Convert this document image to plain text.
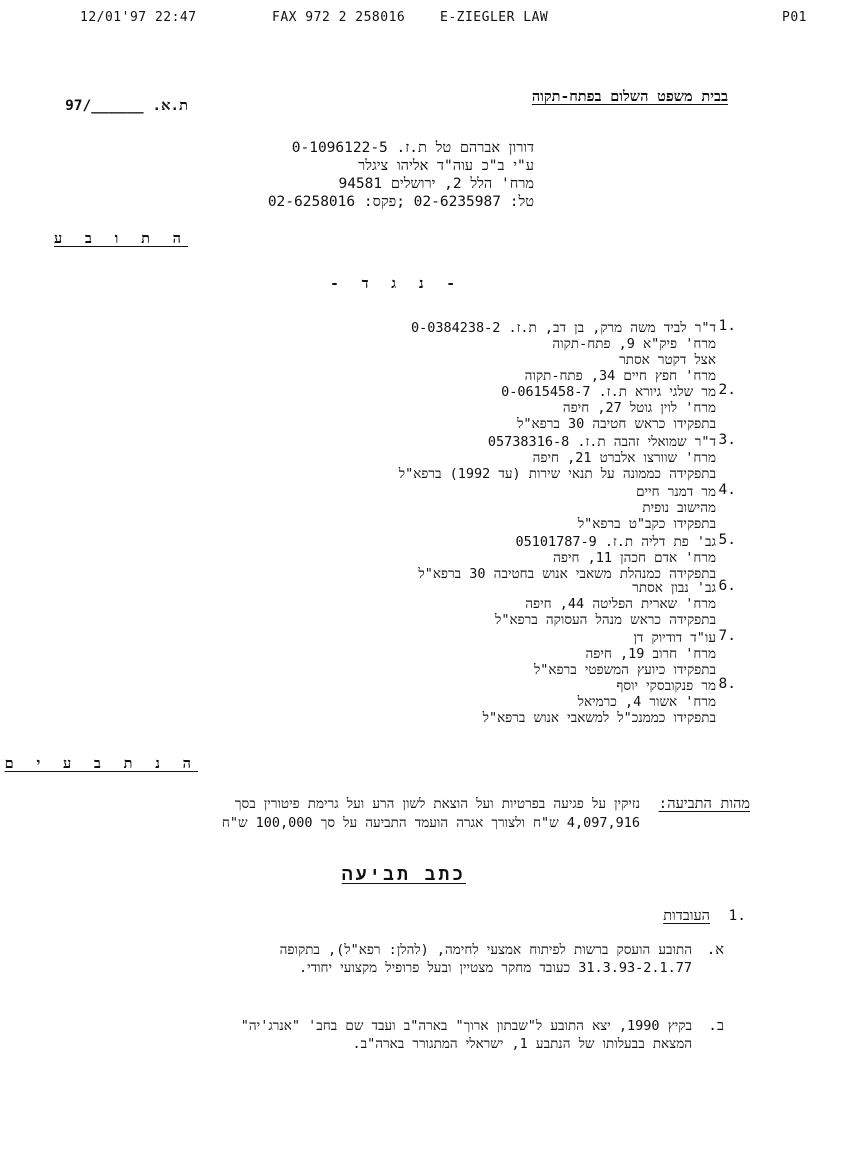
12/01'97 22:47	FAX 972 2 258016	E-ZIEGLER LAW	P01
בבית משפט השלום בפתח-תקוה
ת.א. ______/97
דורון אברהם טל ת.ז. 0-1096122-5
ע"י ב"כ עוה"ד אליהו ציגלר
מרח' הלל 2, ירושלים 94581
טל: 02-6235987 ;פקס: 02-6258016
ה ת ו ב ע
- נ ג ד -
1.
ד"ר לביד משה מרק, בן דב, ת.ז. 0-0384238-2
מרח' פיק"א 9, פתח-תקוה
אצל דקטר אסתר
מרח' חפץ חיים 34, פתח-תקוה
2.
מר שלגי גיורא ת.ז. 0-0615458-7
מרח' לוין גוטל 27, חיפה
בתפקידו כראש חטיבה 30 ברפא"ל
3.
ד"ר שמואלי זהבה ת.ז. 05738316-8
מרח' שוורצו אלברט 21, חיפה
בתפקידה כממונה על תנאי שירות (עד 1992) ברפא"ל
4.
מר דמנר חיים
מהישוב נופית
בתפקידו כקב"ט ברפא"ל
5.
גב' פת דליה ת.ז. 05101787-9
מרח' אדם חכהן 11, חיפה
בתפקידה כמנהלת משאבי אנוש בחטיבה 30 ברפא"ל
6.
גב' נבון אסתר
מרח' שארית הפליטה 44, חיפה
בתפקידה כראש מנהל העסוקה ברפא"ל
7.
עו"ד דודיוק דן
מרח' חרוב 19, חיפה
בתפקידו כיועץ המשפטי ברפא"ל
8.
מר פנקובסקי יוסף
מרח' אשור 4, כרמיאל
בתפקידו כממנכ"ל למשאבי אנוש ברפא"ל
ה נ ת ב ע י ם
מהות התביעה:
נזיקין על פגיעה בפרטיות ועל הוצאת לשון הרע ועל גרימת פיטורין בסך
4,097,916 ש"ח ולצורך אגרה הועמד התביעה על סך 100,000 ש"ח
כתב תביעה
1.
העובדות
א.
התובע הועסק ברשות לפיתוח אמצעי לחימה, (להלן: רפא"ל), בתקופה
31.3.93-2.1.77 כעובד מחקר מצטיין ובעל פרופיל מקצועי יחודי.
ב.
בקיץ 1990, יצא התובע ל"שבתון ארוך" בארה"ב ועבד שם בחב' "אנרג'יה"
המצאת בבעלותו של הנתבע 1, ישראלי המתגורר בארה"ב.
